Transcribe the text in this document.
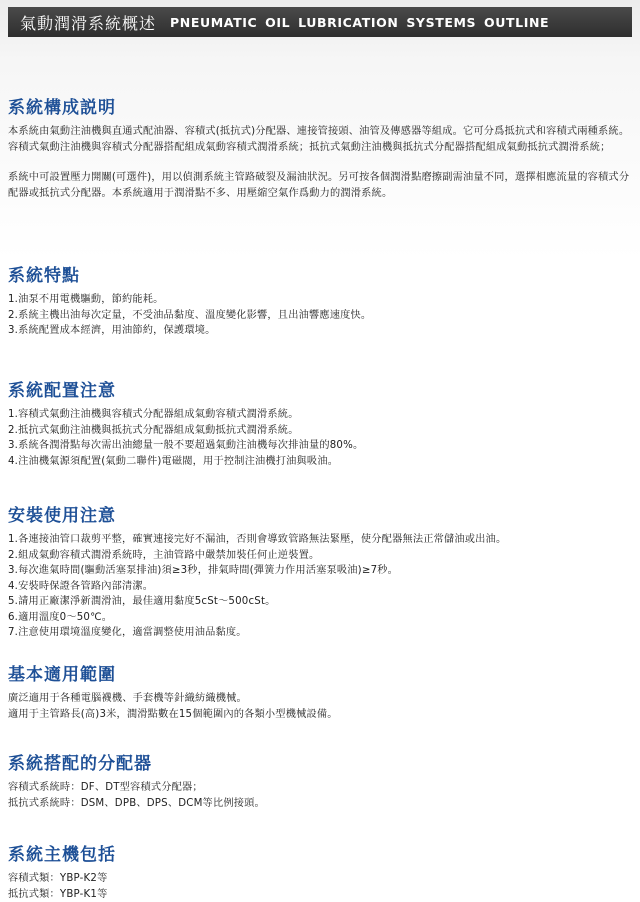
氣動潤滑系統概述 PNEUMATIC OIL LUBRICATION SYSTEMS OUTLINE
系統構成説明

本系統由氣動注油機與直通式配油器、容積式(抵抗式)分配器、連接管接頭、油管及傳感器等組成。它可分爲抵抗式和容積式兩種系統。容積式氣動注油機與容積式分配器搭配組成氣動容積式潤滑系統；抵抗式氣動注油機與抵抗式分配器搭配組成氣動抵抗式潤滑系統；

系統中可設置壓力開關(可選件)，用以偵測系統主管路破裂及漏油狀況。另可按各個潤滑點磨擦副需油量不同，選擇相應流量的容積式分配器或抵抗式分配器。本系統適用于潤滑點不多、用壓縮空氣作爲動力的潤滑系統。

系統特點
1.油泵不用電機驅動，節約能耗。
2.系統主機出油每次定量，不受油品黏度、溫度變化影響，且出油響應速度快。
3.系統配置成本經濟，用油節約，保護環境。
系統配置注意
1.容積式氣動注油機與容積式分配器組成氣動容積式潤滑系統。
2.抵抗式氣動注油機與抵抗式分配器組成氣動抵抗式潤滑系統。
3.系統各潤滑點每次需出油總量一般不要超過氣動注油機每次排油量的80%。
4.注油機氣源須配置(氣動二聯件)電磁閥，用于控制注油機打油與吸油。
安裝使用注意
1.各連接油管口裁剪平整，確實連接完好不漏油，否則會導致管路無法緊壓，使分配器無法正常儲油或出油。
2.組成氣動容積式潤滑系統時，主油管路中嚴禁加裝任何止逆裝置。
3.每次進氣時間(驅動活塞泵排油)須≥3秒，排氣時間(彈簧力作用活塞泵吸油)≥7秒。
4.安裝時保證各管路內部清潔。
5.請用正廠潔淨新潤滑油，最佳適用黏度5cSt～500cSt。
6.適用溫度0～50℃。
7.注意使用環境溫度變化，適當調整使用油品黏度。
基本適用範圍
廣泛適用于各種電腦襪機、手套機等針織紡織機械。
適用于主管路長(高)3米，潤滑點數在15個範圍內的各類小型機械設備。
系統搭配的分配器
容積式系統時：DF、DT型容積式分配器；
抵抗式系統時：DSM、DPB、DPS、DCM等比例接頭。
系統主機包括
容積式類：YBP-K2等
抵抗式類：YBP-K1等
